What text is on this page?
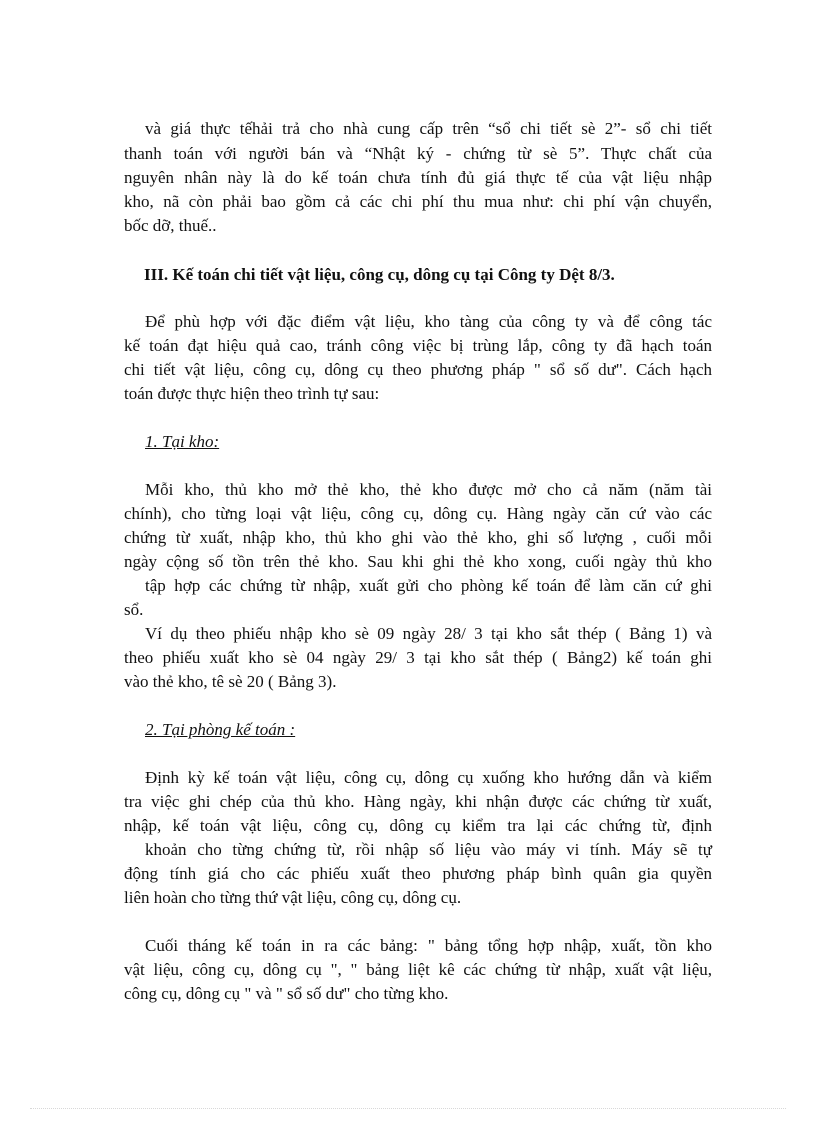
và giá thực tếhải trả cho nhà cung cấp trên “sổ chi tiết sè 2”- sổ chi tiết
thanh toán với người bán và “Nhật ký - chứng từ sè 5”. Thực chất của
nguyên nhân này là do kế toán chưa tính đủ giá thực tế của vật liệu nhập
kho, nã còn phải bao gồm cả các chi phí thu mua như: chi phí vận chuyển,
bốc dỡ, thuế..
III. Kế toán chi tiết vật liệu, công cụ, dông cụ tại Công ty Dệt 8/3.
Để phù hợp với đặc điểm vật liệu, kho tàng của công ty và để công tác
kế toán đạt hiệu quả cao, tránh công việc bị trùng lắp, công ty đã hạch toán
chi tiết vật liệu, công cụ, dông cụ theo phương pháp " sổ số dư". Cách hạch
toán được thực hiện theo trình tự sau:
1. Tại kho:
Mỗi kho, thủ kho mở thẻ kho, thẻ kho được mở cho cả năm (năm tài
chính), cho từng loại vật liệu, công cụ, dông cụ. Hàng ngày căn cứ vào các
chứng từ xuất, nhập kho, thủ kho ghi vào thẻ kho, ghi số lượng , cuối mỗi
ngày cộng số tồn trên thẻ kho. Sau khi ghi thẻ kho xong, cuối ngày thủ kho
tập hợp các chứng từ nhập, xuất gửi cho phòng kế toán để làm căn cứ ghi
sổ.
Ví dụ theo phiếu nhập kho sè 09 ngày 28/ 3 tại kho sắt thép ( Bảng 1) và
theo phiếu xuất kho sè 04 ngày 29/ 3 tại kho sắt thép ( Bảng2) kế toán ghi
vào thẻ kho, tê sè 20 ( Bảng 3).
2. Tại phòng kế toán :
Định kỳ kế toán vật liệu, công cụ, dông cụ xuống kho hướng dẫn và kiểm
tra việc ghi chép của thủ kho. Hàng ngày, khi nhận được các chứng từ xuất,
nhập, kế toán vật liệu, công cụ, dông cụ kiểm tra lại các chứng từ, định
khoản cho từng chứng từ, rồi nhập số liệu vào máy vi tính. Máy sẽ tự
động tính giá cho các phiếu xuất theo phương pháp bình quân gia quyền
liên hoàn cho từng thứ vật liệu, công cụ, dông cụ.
Cuối tháng kế toán in ra các bảng: " bảng tổng hợp nhập, xuất, tồn kho
vật liệu, công cụ, dông cụ ", " bảng liệt kê các chứng từ nhập, xuất vật liệu,
công cụ, dông cụ " và " sổ số dư" cho từng kho.
